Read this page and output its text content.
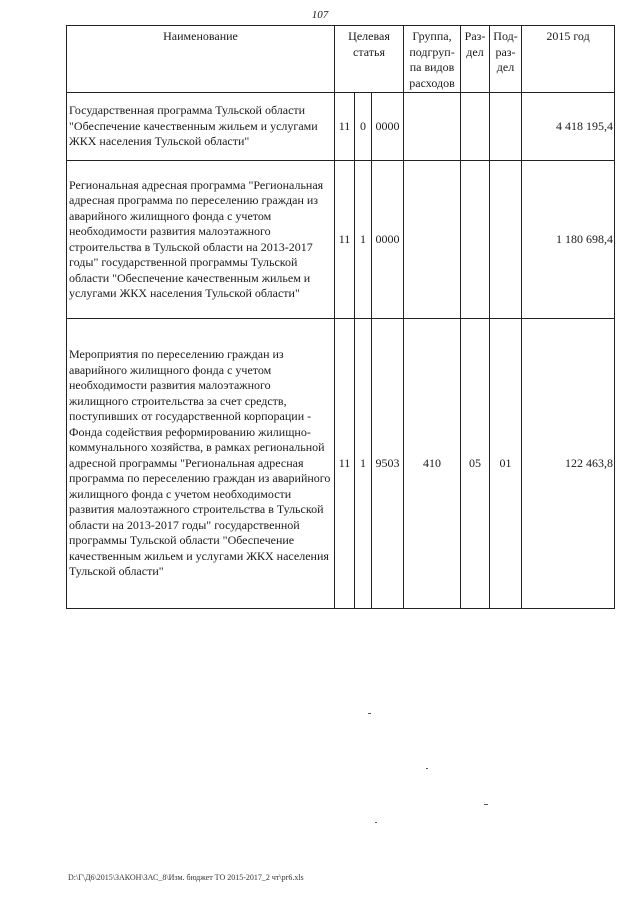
107
Наименование	Целевая статья			Группа, подгруп-па видов расходов	Раз-дел	Под-раз-дел	2015 год
Государственная программа Тульской области "Обеспечение качественным жильем и услугами ЖКХ населения Тульской области"	11	0	0000				4 418 195,4
Региональная адресная программа "Региональная адресная программа по переселению граждан из аварийного жилищного фонда с учетом необходимости развития малоэтажного строительства в Тульской области на 2013-2017 годы" государственной программы Тульской области "Обеспечение качественным жильем и услугами ЖКХ населения Тульской области"	11	1	0000				1 180 698,4
Мероприятия по переселению граждан из аварийного жилищного фонда с учетом необходимости развития малоэтажного жилищного строительства за счет средств, поступивших от государственной корпорации - Фонда содействия реформированию жилищно-коммунального хозяйства, в рамках региональной адресной программы "Региональная адресная программа по переселению граждан из аварийного жилищного фонда с учетом необходимости развития малоэтажного строительства в Тульской области на 2013-2017 годы" государственной программы Тульской области "Обеспечение качественным жильем и услугами ЖКХ населения Тульской области"	11	1	9503	410	05	01	122 463,8
D:\Г\Д6\2015\ЗАКОН\ЗАС_8\Изм. бюджет ТО 2015-2017_2 чт\pr6.xls
